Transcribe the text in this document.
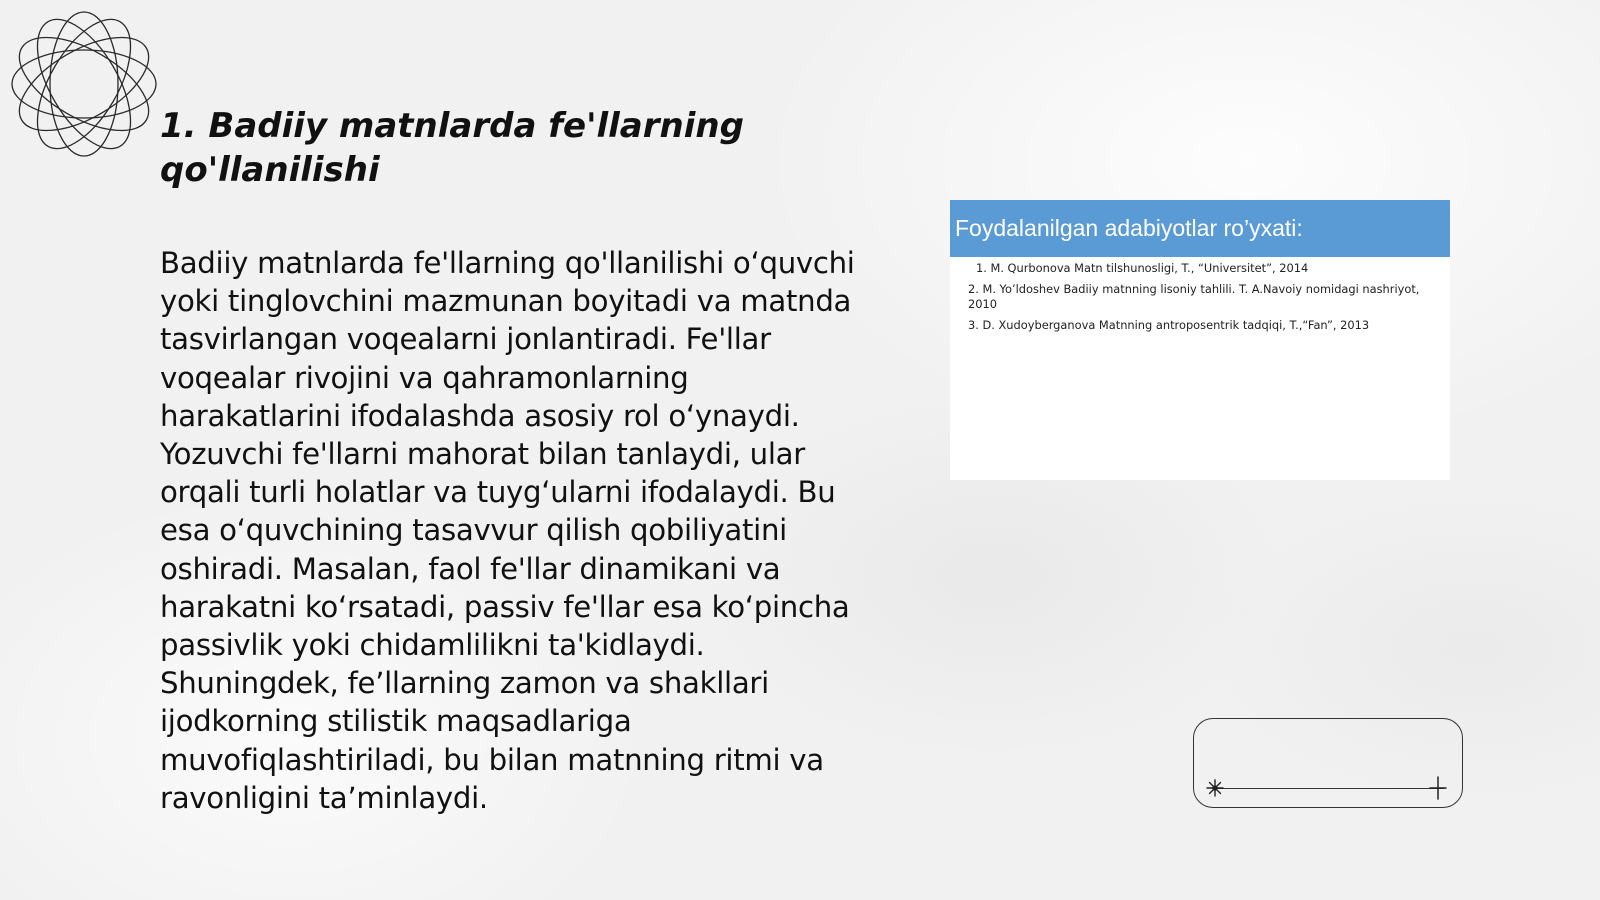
1. Badiiy matnlarda fe'llarning qo'llanilishi

Badiiy matnlarda fe'llarning qo'llanilishi o‘quvchi yoki tinglovchini mazmunan boyitadi va matnda tasvirlangan voqealarni jonlantiradi. Fe'llar voqealar rivojini va qahramonlarning harakatlarini ifodalashda asosiy rol o‘ynaydi. Yozuvchi fe'llarni mahorat bilan tanlaydi, ular orqali turli holatlar va tuyg‘ularni ifodalaydi. Bu esa o‘quvchining tasavvur qilish qobiliyatini oshiradi. Masalan, faol fe'llar dinamikani va harakatni ko‘rsatadi, passiv fe'llar esa ko‘pincha passivlik yoki chidamlilikni ta'kidlaydi. Shuningdek, fe’llarning zamon va shakllari ijodkorning stilistik maqsadlariga muvofiqlashtiriladi, bu bilan matnning ritmi va ravonligini ta’minlaydi.

Foydalanilgan adabiyotlar ro’yxati:
1. M. Qurbonova Matn tilshunosligi, T., “Universitet”, 2014
2. M. Yo’ldoshev Badiiy matnning lisoniy tahlili. T. A.Navoiy nomidagi nashriyot, 2010
3. D. Xudoyberganova Matnning antroposentrik tadqiqi, T.,“Fan”, 2013
